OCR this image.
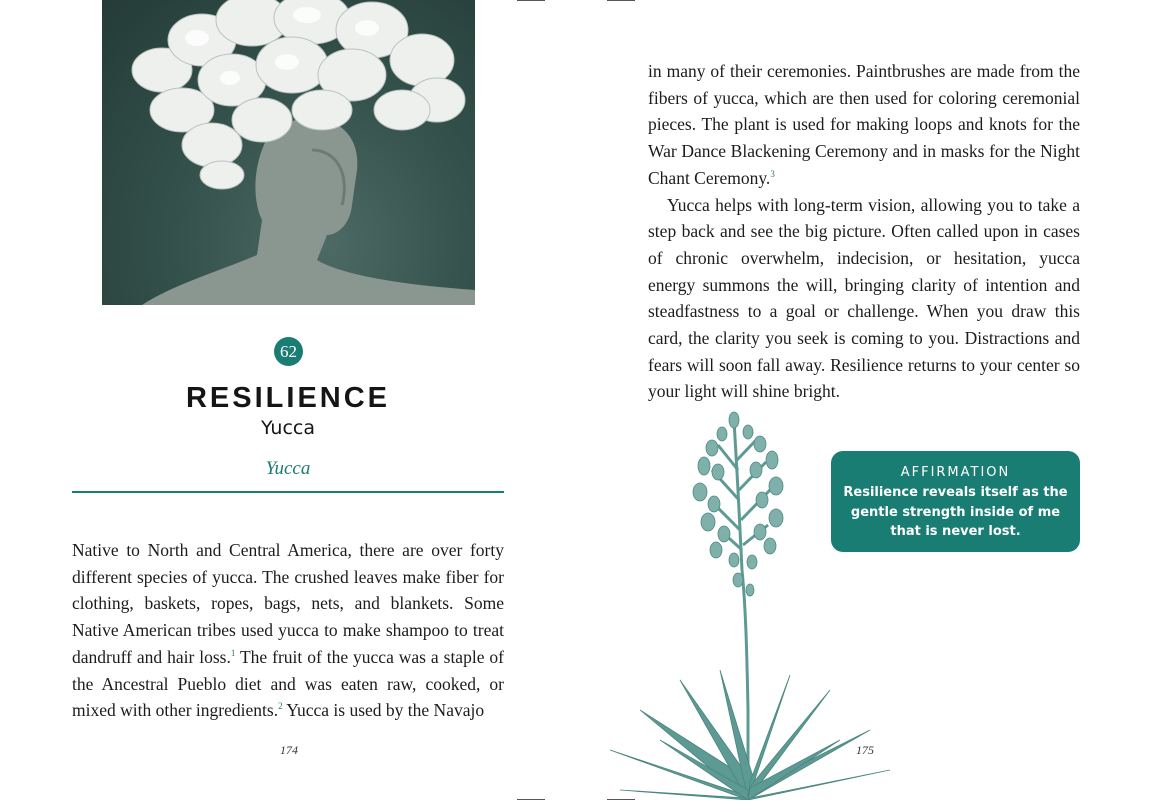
62
RESILIENCE
Yucca
Yucca

Native to North and Central America, there are over forty different species of yucca. The crushed leaves make fiber for clothing, baskets, ropes, bags, nets, and blankets. Some Native American tribes used yucca to make shampoo to treat dandruff and hair loss.$^1$ The fruit of the yucca was a staple of the Ancestral Pueblo diet and was eaten raw, cooked, or mixed with other ingredients.$^2$ Yucca is used by the Navajo

174

in many of their ceremonies. Paintbrushes are made from the fibers of yucca, which are then used for coloring ceremonial pieces. The plant is used for making loops and knots for the War Dance Blackening Ceremony and in masks for the Night Chant Ceremony.$^3$

Yucca helps with long-term vision, allowing you to take a step back and see the big picture. Often called upon in cases of chronic overwhelm, indecision, or hesitation, yucca energy summons the will, bringing clarity of intention and steadfastness to a goal or challenge. When you draw this card, the clarity you seek is coming to you. Distractions and fears will soon fall away. Resilience returns to your center so your light will shine bright.

AFFIRMATION
Resilience reveals itself as the gentle strength inside of me that is never lost.
175
